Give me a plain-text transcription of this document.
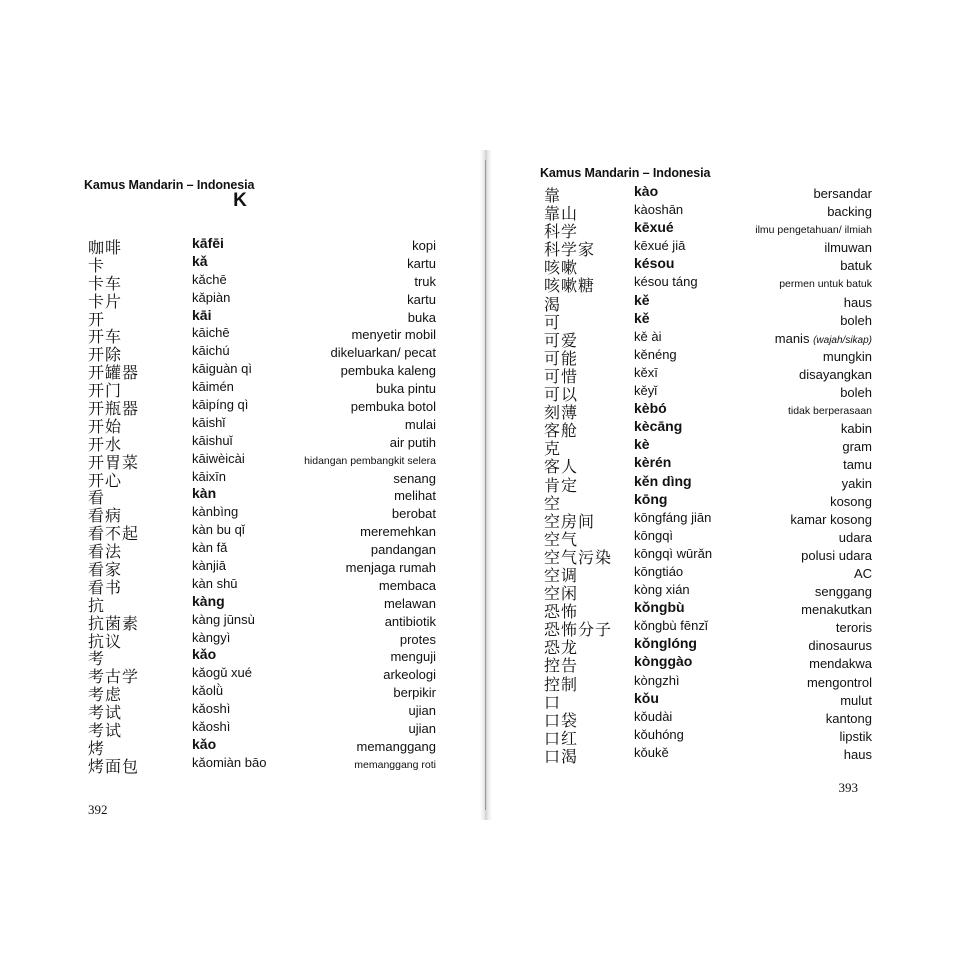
Kamus Mandarin – Indonesia
K
咖啡	kāfēi	kopi
卡	kǎ	kartu
卡车	kǎchē	truk
卡片	kǎpiàn	kartu
开	kāi	buka
开车	kāichē	menyetir mobil
开除	kāichú	dikeluarkan/ pecat
开罐器	kāiguàn qì	pembuka kaleng
开门	kāimén	buka pintu
开瓶器	kāipíng qì	pembuka botol
开始	kāishǐ	mulai
开水	kāishuǐ	air putih
开胃菜	kāiwèicài	hidangan pembangkit selera
开心	kāixīn	senang
看	kàn	melihat
看病	kànbìng	berobat
看不起	kàn bu qǐ	meremehkan
看法	kàn fǎ	pandangan
看家	kànjiā	menjaga rumah
看书	kàn shū	membaca
抗	kàng	melawan
抗菌素	kàng jūnsù	antibiotik
抗议	kàngyì	protes
考	kǎo	menguji
考古学	kǎogǔ xué	arkeologi
考虑	kǎolǜ	berpikir
考试	kǎoshì	ujian
考试	kǎoshì	ujian
烤	kǎo	memanggang
烤面包	kǎomiàn bāo	memanggang roti
392
Kamus Mandarin – Indonesia
靠	kào	bersandar
靠山	kàoshān	backing
科学	kēxué	ilmu pengetahuan/ ilmiah
科学家	kēxué jiā	ilmuwan
咳嗽	késou	batuk
咳嗽糖	késou táng	permen untuk batuk
渴	kě	haus
可	kě	boleh
可爱	kě ài	manis (wajah/sikap)
可能	kěnéng	mungkin
可惜	kěxī	disayangkan
可以	kěyǐ	boleh
刻薄	kèbó	tidak berperasaan
客舱	kècāng	kabin
克	kè	gram
客人	kèrén	tamu
肯定	kěn dìng	yakin
空	kōng	kosong
空房间	kōngfáng jiān	kamar kosong
空气	kōngqì	udara
空气污染 kōngqì wūrǎn	polusi udara
空调	kōngtiáo	AC
空闲	kòng xián	senggang
恐怖	kǒngbù	menakutkan
恐怖分子 kǒngbù fēnzǐ	teroris
恐龙	kǒnglóng	dinosaurus
控告	kònggào	mendakwa
控制	kòngzhì	mengontrol
口	kǒu	mulut
口袋	kǒudài	kantong
口红	kǒuhóng	lipstik
口渴	kǒukě	haus
393
